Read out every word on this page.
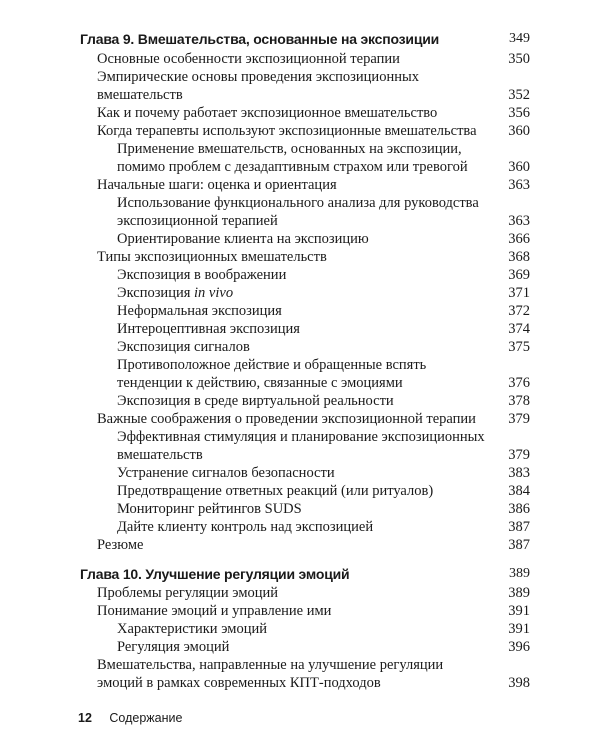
Глава 9. Вмешательства, основанные на экспозиции	349
Основные особенности экспозиционной терапии	350
Эмпирические основы проведения экспозиционных
вмешательств	352
Как и почему работает экспозиционное вмешательство	356
Когда терапевты используют экспозиционные вмешательства 360
Применение вмешательств, основанных на экспозиции,
помимо проблем с дезадаптивным страхом или тревогой	360
Начальные шаги: оценка и ориентация	363
Использование функционального анализа для руководства
экспозиционной терапией	363
Ориентирование клиента на экспозицию	366
Типы экспозиционных вмешательств	368
Экспозиция в воображении	369
Экспозиция in vivo	371
Неформальная экспозиция	372
Интероцептивная экспозиция	374
Экспозиция сигналов	375
Противоположное действие и обращенные вспять
тенденции к действию, связанные с эмоциями	376
Экспозиция в среде виртуальной реальности	378
Важные соображения о проведении экспозиционной терапии 379
Эффективная стимуляция и планирование экспозиционных
вмешательств	379
Устранение сигналов безопасности	383
Предотвращение ответных реакций (или ритуалов)	384
Мониторинг рейтингов SUDS	386
Дайте клиенту контроль над экспозицией	387
Резюме	387
Глава 10. Улучшение регуляции эмоций	389
Проблемы регуляции эмоций	389
Понимание эмоций и управление ими	391
Характеристики эмоций	391
Регуляция эмоций	396
Вмешательства, направленные на улучшение регуляции
эмоций в рамках современных КПТ-подходов	398
12 Содержание
